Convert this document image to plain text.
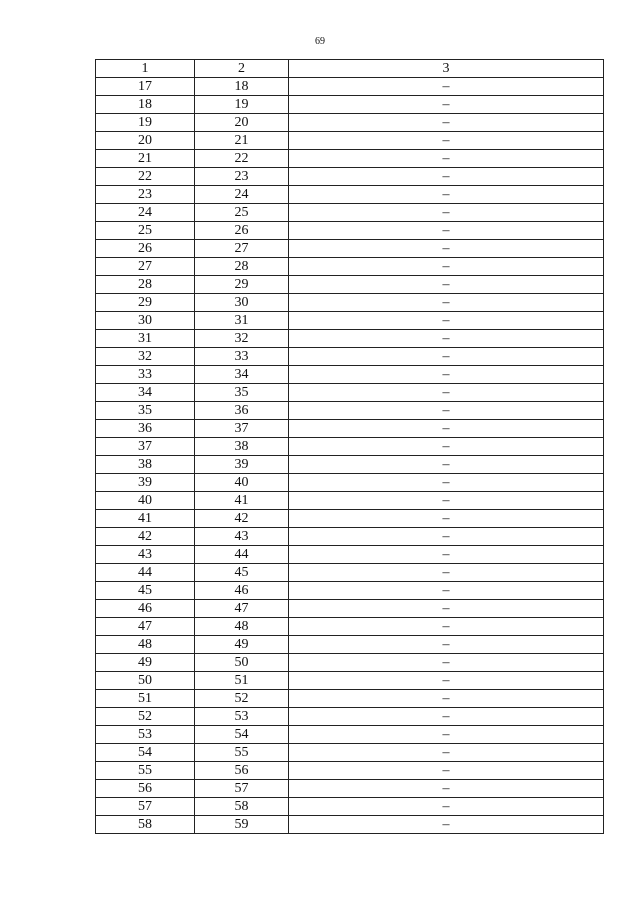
69
1	2	3
17	18	–
18	19	–
19	20	–
20	21	–
21	22	–
22	23	–
23	24	–
24	25	–
25	26	–
26	27	–
27	28	–
28	29	–
29	30	–
30	31	–
31	32	–
32	33	–
33	34	–
34	35	–
35	36	–
36	37	–
37	38	–
38	39	–
39	40	–
40	41	–
41	42	–
42	43	–
43	44	–
44	45	–
45	46	–
46	47	–
47	48	–
48	49	–
49	50	–
50	51	–
51	52	–
52	53	–
53	54	–
54	55	–
55	56	–
56	57	–
57	58	–
58	59	–
